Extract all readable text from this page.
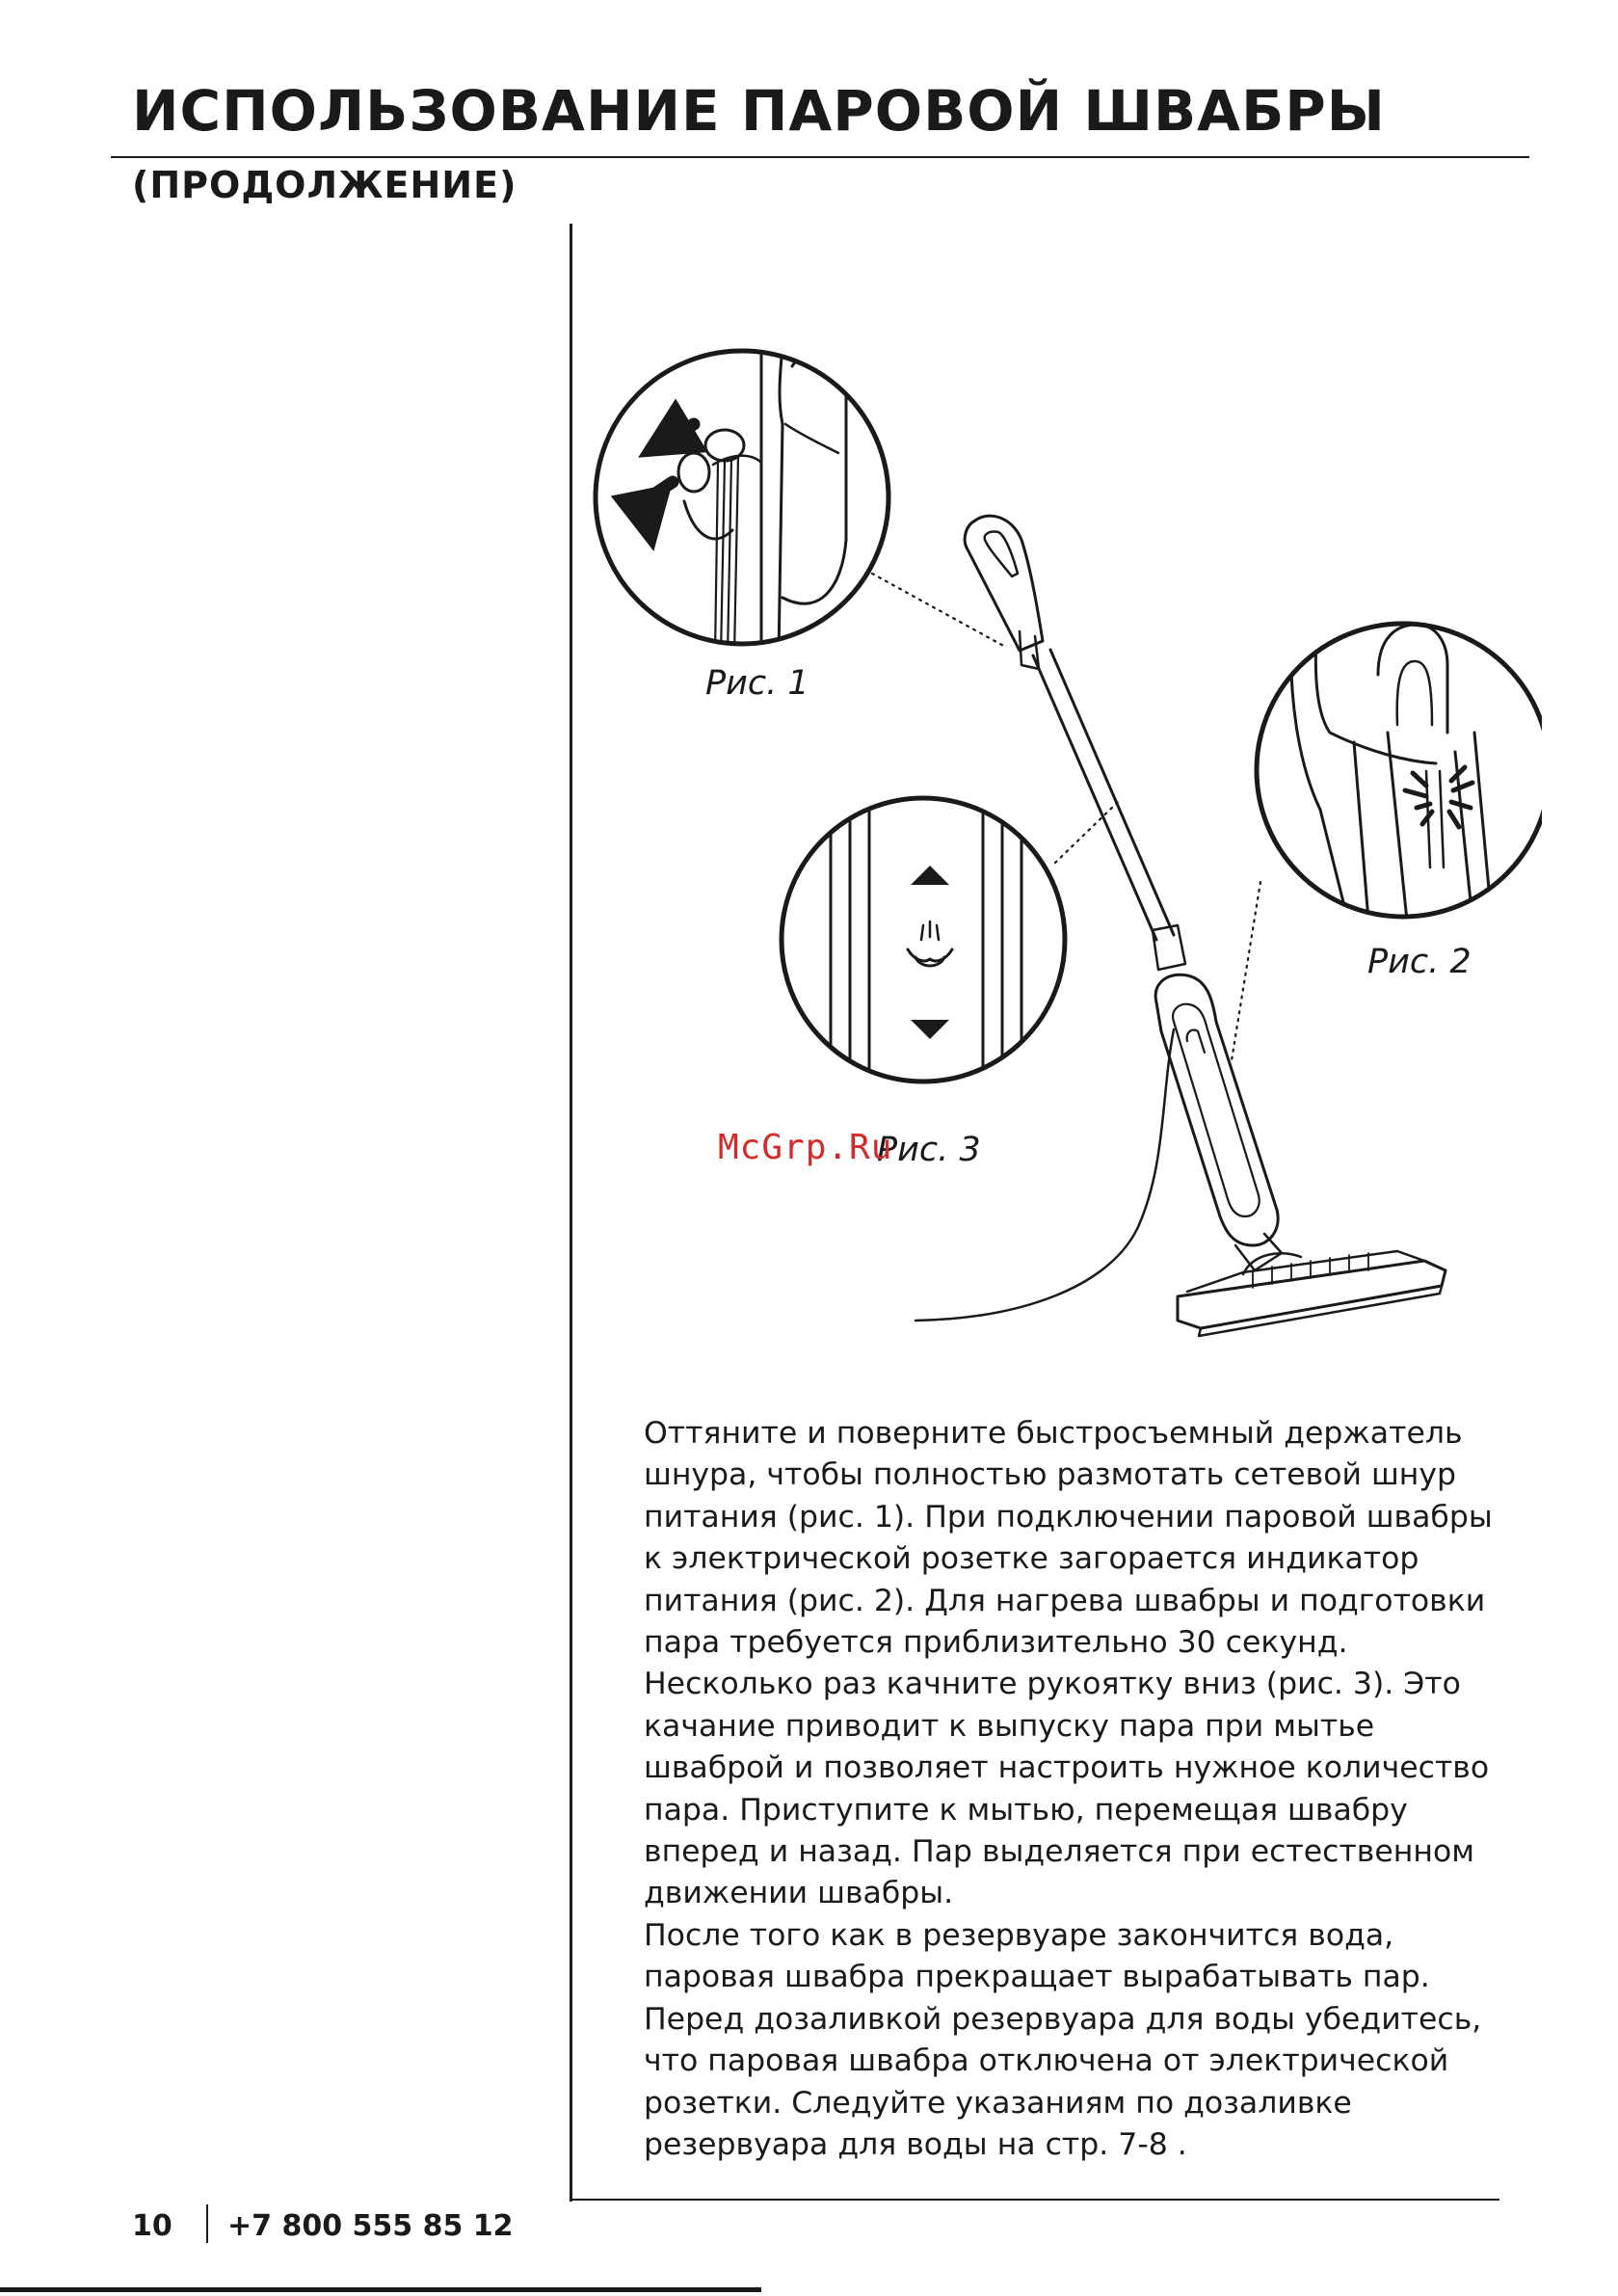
ИСПОЛЬЗОВАНИЕ ПАРОВОЙ ШВАБРЫ
(ПРОДОЛЖЕНИЕ)
Рис. 1
Рис. 2
Рис. 3
McGrp.Ru

Оттяните и поверните быстросъемный держатель

шнура, чтобы полностью размотать сетевой шнур

питания (рис. 1). При подключении паровой швабры

к электрической розетке загорается индикатор

питания (рис. 2). Для нагрева швабры и подготовки

пара требуется приблизительно 30 секунд.

Несколько раз качните рукоятку вниз (рис. 3). Это

качание приводит к выпуску пара при мытье

шваброй и позволяет настроить нужное количество

пара. Приступите к мытью, перемещая швабру

вперед и назад. Пар выделяется при естественном

движении швабры.

После того как в резервуаре закончится вода,

паровая швабра прекращает вырабатывать пар.

Перед дозаливкой резервуара для воды убедитесь,

что паровая швабра отключена от электрической

розетки. Следуйте указаниям по дозаливке

резервуара для воды на стр. 7-8 .

10 +7 800 555 85 12
